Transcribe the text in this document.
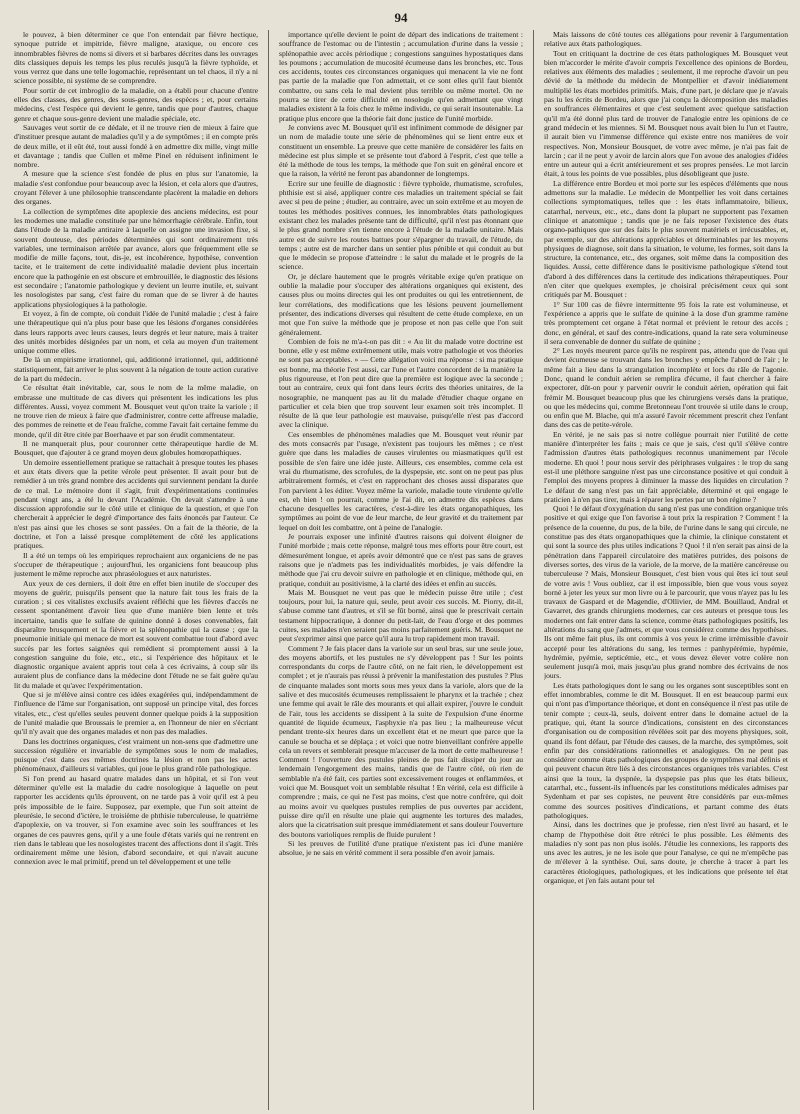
94

le pouvez, à bien déterminer ce que l'on entendait par fièvre hectique, synoque putride et impitride, fièvre maligne, ataxique, ou encore ces innombrables fièvres de noms si divers et si barbares décrites dans les ouvrages dits classiques depuis les temps les plus reculés jusqu'à la fièvre typhoïde, et vous verrez que dans une telle logomachie, représentant un tel chaos, il n'y a ni science possible, ni système de se comprendre.

Pour sortir de cet imbroglio de la maladie, on a établi pour chacune d'entre elles des classes, des genres, des sous-genres, des espèces ; et, pour certains médecins, c'est l'espèce qui devient le genre, tandis que pour d'autres, chaque genre et chaque sous-genre devient une maladie spéciale, etc.

Sauvages veut sortir de ce dédale, et il ne trouve rien de mieux à faire que d'instituer presque autant de maladies qu'il y a de symptômes ; il en compte près de deux mille, et il eût été, tout aussi fondé à en admettre dix mille, vingt mille et davantage ; tandis que Cullen et même Pinel en réduisent infiniment le nombre.

A mesure que la science s'est fondée de plus en plus sur l'anatomie, la maladie s'est confondue pour beaucoup avec la lésion, et cela alors que d'autres, croyant l'élever à une philosophie transcendante placèrent la maladie en dehors des organes.

La collection de symptômes dite apoplexie des anciens médecins, est pour les modernes une maladie constituée par une hémorrhagie cérébrale. Enfin, tout dans l'étude de la maladie antiraire à laquelle on assigne une invasion fixe, si souvent douteuse, des périodes déterminées qui sont ordinairement très variables, une terminaison arrêtée par avance, alors que fréquemment elle se modifie de mille façons, tout, dis-je, est incohérence, hypothèse, convention tacite, et le traitement de cette individualité maladie devient plus incertain encore que la pathogénie en est obscure et embrouillée, le diagnostic des lésions est secondaire ; l'anatomie pathologique y devient un leurre inutile, et, suivant les nosologistes par sang, c'est faire du roman que de se livrer à de hautes applications physiologiques à la pathologie.

Et voyez, à fin de compte, où conduit l'idée de l'unité maladie ; c'est à faire une thérapeutique qui n'a plus pour base que les lésions d'organes considérées dans leurs rapports avec leurs causes, leurs degrés et leur nature, mais à traiter des unités morbides désignées par un nom, et cela au moyen d'un traitement unique comme elles.

De là un empirisme irrationnel, qui, additionné irrationnel, qui, additionné statistiquement, fait arriver le plus souvent à la négation de toute action curative de la part du médecin.

Ce résultat était inévitable, car, sous le nom de la même maladie, on embrasse une multitude de cas divers qui présentent les indications les plus différentes. Aussi, voyez comment M. Bousquet veut qu'on traite la variole ; il ne trouve rien de mieux à faire que d'administrer, contre cette affreuse maladie, des pommes de reinette et de l'eau fraîche, comme l'avait fait certaine femme du monde, qu'il dit être citée par Boerhaave et par son érudit commentateur.

Il ne manquerait plus, pour couronner cette thérapeutique hardie de M. Bousquet, que d'ajouter à ce grand moyen deux globules homœopathiques.

Un demoire essentiellement pratique se rattachait à presque toutes les phases et aux états divers que la petite vérole peut présenter. Il avait pour but de remédier à un très grand nombre des accidents qui surviennent pendant la durée de ce mal. Le mémoire dont il s'agit, fruit d'expérimentations continuées pendant vingt ans, a été lu devant l'Académie. On devait s'attendre à une discussion approfondie sur le côté utile et clinique de la question, et que l'on chercherait à apprécier le degré d'importance des faits énoncés par l'auteur. Ce n'est pas ainsi que les choses se sont passées. On a fait de la théorie, de la doctrine, et l'on a laissé presque complètement de côté les applications pratiques.

Il a été un temps où les empiriques reprochaient aux organiciens de ne pas s'occuper de thérapeutique ; aujourd'hui, les organiciens font beaucoup plus justement le même reproche aux phraséologues et aux naturistes.

Aux yeux de ces derniers, il doit être en effet bien inutile de s'occuper des moyens de guérir, puisqu'ils pensent que la nature fait tous les frais de la curation ; si ces vitalistes exclusifs avaient réfléchi que les fièvres d'accès ne cessent spontanément d'avoir lieu que d'une manière bien lente et très incertaine, tandis que le sulfate de quinine donné à doses convenables, fait disparaître brusquement et la fièvre et la splénopathie qui la cause ; que la pneumonie initiale qui menace de mort est souvent combattue tout d'abord avec succès par les fortes saignées qui remédient si promptement aussi à la congestion sanguine du foie, etc., etc., si l'expérience des hôpitaux et le diagnostic organique avaient appris tout cela à ces écrivains, à coup sûr ils auraient plus de confiance dans la médecine dont l'étude ne se fait guère qu'au lit du malade et qu'avec l'expérimentation.

Que si je m'élève ainsi contre ces idées exagérées qui, indépendamment de l'influence de l'âme sur l'organisation, ont supposé un principe vital, des forces vitales, etc., c'est qu'elles seules peuvent donner quelque poids à la supposition de l'unité maladie que Broussais le premier a, en l'honneur de nier en s'écriant qu'il n'y avait que des organes malades et non pas des maladies.

Dans les doctrines organiques, c'est vraiment un non-sens que d'admettre une succession régulière et invariable de symptômes sous le nom de maladies, puisque c'est dans ces mêmes doctrines la lésion et non pas les actes phénoménaux, d'ailleurs si variables, qui joue le plus grand rôle pathologique.

Si l'on prend au hasard quatre malades dans un hôpital, et si l'on veut déterminer qu'elle est la maladie du cadre nosologique à laquelle on peut rapporter les accidents qu'ils éprouvent, on ne tarde pas à voir qu'il est à peu près impossible de le faire. Supposez, par exemple, que l'un soit atteint de pleurésie, le second d'ictère, le troisième de phthisie tuberculeuse, le quatrième d'apoplexie, on va trouver, si l'on examine avec soin les souffrances et les organes de ces pauvres gens, qu'il y a une foule d'états variés qui ne rentrent en rien dans le tableau que les nosologistes tracent des affections dont il s'agit. Très ordinairement même une lésion, d'abord secondaire, et qui n'avait aucune connexion avec le mal primitif, prend un tel développement et une telle

importance qu'elle devient le point de départ des indications de traitement : souffrance de l'estomac ou de l'intestin ; accumulation d'urine dans la vessie ; splénopathie avec accès périodique ; congestions sanguines hypostatiques dans les poumons ; accumulation de mucosité écumeuse dans les bronches, etc. Tous ces accidents, toutes ces circonstances organiques qui menacent la vie ne font pas partie de la maladie que l'on admettait, et ce sont elles qu'il faut bientôt combattre, ou sans cela le mal devient plus terrible ou même mortel. On ne pourra se tirer de cette difficulté en nosologie qu'en admettant que vingt maladies existent à la fois chez le même individu, ce qui serait insoutenable. La pratique plus encore que la théorie fait donc justice de l'unité morbide.

Je conviens avec M. Bousquet qu'il est infiniment commode de désigner par un nom de maladie toute une série de phénomènes qui se lient entre eux et constituent un ensemble. La preuve que cette manière de considérer les faits en médecine est plus simple et se présente tout d'abord à l'esprit, c'est que telle a été la méthode de tous les temps, la méthode que l'on suit en général encore et que la raison, la vérité ne feront pas abandonner de longtemps.

Ecrire sur une feuille de diagnostic : fièvre typhoïde, rhumatisme, scrofules, phthisie est si aisé, appliquer contre ces maladies un traitement spécial se fait avec si peu de peine ; étudier, au contraire, avec un soin extrême et au moyen de toutes les méthodes positives connues, les innombrables états pathologiques existant chez les malades présente tant de difficulté, qu'il n'est pas étonnant que le plus grand nombre s'en tienne encore à l'étude de la maladie unitaire. Mais autre est de suivre les routes battues pour s'épargner du travail, de l'étude, du temps ; autre est de marcher dans un sentier plus pénible et qui conduit au but que le médecin se propose d'atteindre : le salut du malade et le progrès de la science.

Or, je déclare hautement que le progrès véritable exige qu'en pratique on oublie la maladie pour s'occuper des altérations organiques qui existent, des causes plus ou moins directes qui les ont produites ou qui les entretiennent, de leur corrélations, des modifications que les lésions peuvent journellement présenter, des indications diverses qui résultent de cette étude complexe, en un mot que l'on suive la méthode que je propose et non pas celle que l'on suit généralement.

Combien de fois ne m'a-t-on pas dit : « Au lit du malade votre doctrine est bonne, elle y est même extrêmement utile, mais votre pathologie et vos théories ne sont pas acceptables. » — Cette allégation voici ma réponse : si ma pratique est bonne, ma théorie l'est aussi, car l'une et l'autre concordent de la manière la plus rigoureuse, et l'on peut dire que la première est logique avec la seconde ; tout au contraire, ceux qui font dans leurs écrits des théories unitaires, de la nosographie, ne manquent pas au lit du malade d'étudier chaque organe en particulier et cela bien que trop souvent leur examen soit très incomplet. Il résulte de là que leur pathologie est mauvaise, puisqu'elle n'est pas d'accord avec la clinique.

Ces ensembles de phénomènes maladies que M. Bousquet veut réunir par des mots consacrés par l'usage, n'existent pas toujours les mêmes ; ce n'est guère que dans les maladies de causes virulentes ou miasmatiques qu'il est possible de s'en faire une idée juste. Ailleurs, ces ensembles, comme cela est vrai du rhumatisme, des scrofules, de la dyspepsie, etc. sont on ne peut pas plus arbitrairement formés, et c'est en rapprochant des choses aussi disparates que l'on parvient à les éditer. Voyez même la variole, maladie toute virulente qu'elle est, eh bien ! on pourrait, comme je l'ai dit, en admettre dix espèces dans chacune desquelles les caractères, c'est-à-dire les états organopathiques, les symptômes au point de vue de leur marche, de leur gravité et du traitement par lequel on doit les combattre, ont à peine de l'analogie.

Je pourrais exposer une infinité d'autres raisons qui doivent éloigner de l'unité morbide ; mais cette réponse, malgré tous mes efforts pour être court, est démesurément longue, et après avoir démontré que ce n'est pas sans de graves raisons que je n'admets pas les individualités morbides, je vais défendre la méthode que j'ai cru devoir suivre en pathologie et en clinique, méthode qui, en pratique, conduit au positivisme, à la clarté des idées et enfin au succès.

Mais M. Bousquet ne veut pas que le médecin puisse être utile ; c'est toujours, pour lui, la nature qui, seule, peut avoir ces succès. M. Piorry, dit-il, s'abuse comme tant d'autres, et s'il se fût borné, ainsi que le prescrivait certain testament hippocratique, à donner du petit-lait, de l'eau d'orge et des pommes cuites, ses malades n'en seraient pas moins parfaitement guéris. M. Bousquet ne peut s'exprimer ainsi que parce qu'il aura lu trop rapidement mon travail.

Comment ? Je fais placer dans la variole sur un seul bras, sur une seule joue, des moyens abortifs, et les pustules ne s'y développent pas ! Sur les points correspondants du corps de l'autre côté, on ne fait rien, le développement est complet ; et je n'aurais pas réussi à prévenir la manifestation des pustules ? Plus de cinquante malades sont morts sous mes yeux dans la variole, alors que de la salive et des mucosités écumeuses remplissaient le pharynx et la trachée ; chez une femme qui avait le râle des mourants et qui allait expirer, j'ouvre le conduit de l'air, tous les accidents se dissipent à la suite de l'expulsion d'une énorme quantité de liquide écumeux, l'asphyxie n'a pas lieu ; la malheureuse vécut pendant trente-six heures dans un excellent état et ne meurt que parce que la canule se boucha et se déplaça ; et voici que notre bienveillant confrère appelle cela un revers et semblerait presque m'accuser de la mort de cette malheureuse ! Comment ! l'ouverture des pustules pleines de pus fait dissiper du jour au lendemain l'engorgement des mains, tandis que de l'autre côté, où rien de semblable n'a été fait, ces parties sont excessivement rouges et enflammées, et voici que M. Bousquet voit un semblable résultat ! En vérité, cela est difficile à comprendre ; mais, ce qui ne l'est pas moins, c'est que notre confrère, qui doit au moins avoir vu quelques pustules remplies de pus ouvertes par accident, puisse dire qu'il en résulte une plaie qui augmente les tortures des malades, alors que la cicatrisation suit presque immédiatement et sans douleur l'ouverture des boutons varioliques remplis de fluide purulent !

Si les preuves de l'utilité d'une pratique n'existent pas ici d'une manière absolue, je ne sais en vérité comment il sera possible d'en avoir jamais.

Mais laissons de côté toutes ces allégations pour revenir à l'argumentation relative aux états pathologiques.

Tout en critiquant la doctrine de ces états pathologiques M. Bousquet veut bien m'accorder le mérite d'avoir compris l'excellence des opinions de Bordeu, relatives aux éléments des maladies ; seulement, il me reproche d'avoir un peu dévié de la méthode du médecin de Montpellier et d'avoir inédiatement multiplié les états morbides primitifs. Mais, d'une part, je déclare que je n'avais pas lu les écrits de Bordeu, alors que j'ai conçu la décomposition des maladies en souffrances élémentaires et que c'est seulement avec quelque satisfaction qu'il m'a été donné plus tard de trouver de l'analogie entre les opinions de ce grand médecin et les miennes. Si M. Bousquet nous avait bien lu l'un et l'autre, il aurait bien vu l'immense différence qui existe entre nos manières de voir respectives. Non, Monsieur Bousquet, de votre avec même, je n'ai pas fait de larcin ; car il ne peut y avoir de larcin alors que l'on avoue des analogies d'idées entre un auteur qui a écrit antérieurement et ses propres pensées. Le mot larcin était, à tous les points de vue possibles, plus désobligeant que juste.

La différence entre Bordeu et moi porte sur les espèces d'éléments que nous admettons sur la maladie. Le médecin de Montpellier les voit dans certaines collections symptomatiques, telles que : les états inflammatoire, bilieux, catarrhal, nerveux, etc., etc., dans dont la plupart ne supportent pas l'examen clinique et anatomique ; tandis que je ne fais reposer l'existence des états organo-pathiques que sur des faits le plus souvent matériels et irrécusables, et, par exemple, sur des altérations appréciables et déterminables par les moyens physiques de diagnose, soit dans la situation, le volume, les formes, soit dans la structure, la contenance, etc., des organes, soit même dans la composition des liquides. Aussi, cette différence dans le positivisme pathologique s'étend tout d'abord à des différences dans la certitude des indications thérapeutiques. Pour n'en citer que quelques exemples, je choisiral précisément ceux qui sont critiqués par M. Bousquet :

1° Sur 100 cas de fièvre intermittente 95 fois la rate est volumineuse, et l'expérience a appris que le sulfate de quinine à la dose d'un gramme ramène très promptement cet organe à l'état normal et prévient le retour des accès ; donc, en général, et sauf des contre-indications, quand la rate sera volumineuse il sera convenable de donner du sulfate de quinine ;

2° Les noyés meurent parce qu'ils ne respirent pas, attendu que de l'eau qui devient écumeuse se trouvant dans les bronches y empêche l'abord de l'air ; le même fait a lieu dans la strangulation incomplète et lors du râle de l'agonie. Donc, quand le conduit aérien se remplira d'écume, il faut chercher à faire expectorer, dût-on pour y parvenir ouvrir le conduit aérien, opération qui fait frémir M. Bousquet beaucoup plus que les chirurgiens versés dans la pratique, ou que les médecins qui, comme Bretonneau l'ont trouvée si utile dans le croup, ou enfin que M. Blache, qui m'a assuré l'avoir récemment prescrit chez l'enfant dans des cas de petite-vérole.

En vérité, je ne sais pas si notre collègue pourrait nier l'utilité de cette manière d'interpréter les faits ; mais ce que je sais, c'est qu'il s'élève contre l'admission d'autres états pathologiques reconnus unanimement par l'école moderne. Eh quoi ! pour nous servir des périphrases vulgaires : le trop du sang est-il une pléthore sanguine n'est pas une circonstance positive et qui conduit à l'emploi des moyens propres à diminuer la masse des liquides en circulation ? Le défaut de sang n'est pas un fait appréciable, déterminé et qui engage le praticien à n'en pas tirer, mais à réparer les pertes par un bon régime ?

Quoi ! le défaut d'oxygénation du sang n'est pas une condition organique très positive et qui exige que l'on favorise à tout prix la respiration ? Comment ! la présence de la couenne, du pus, de la bile, de l'urine dans le sang qui circule, ne constitue pas des états organopathiques que la chimie, la clinique constatent et qui sont la source des plus utiles indications ? Quoi ! il n'en serait pas ainsi de la pénétration dans l'appareil circulatoire des matières putrides, des poisons de diverses sortes, des virus de la variole, de la morve, de la matière cancéreuse ou tuberculeuse ? Mais, Monsieur Bousquet, c'est bien vous qui êtes ici tout seul de votre avis ! Vous oubliez, car il est impossible, bien que vous vous soyez borné à jeter les yeux sur mon livre ou à le parcourir, que vous n'ayez pas lu les travaux de Gaspard et de Magendie, d'Ollivier, de MM. Bouillaud, Andral et Gavarret, des grands chirurgiens modernes, car ces auteurs et presque tous les modernes ont fait entrer dans la science, comme états pathologiques positifs, les altérations du sang que j'admets, et que vous considérez comme des hypothèses. Ils ont même fait plus, ils ont commis à vos yeux le crime irrémissible d'avoir accepté pour les altérations du sang, les termes : panhypérémie, hypémie, hydrémie, pyémie, septicémie, etc., et vous devez élever votre colère non seulement jusqu'à moi, mais jusqu'au plus grand nombre des écrivains de nos jours.

Les états pathologiques dont le sang ou les organes sont susceptibles sont en effet innombrables, comme le dit M. Bousquet. Il en est beaucoup parmi eux qui n'ont pas d'importance théorique, et dont en conséquence il n'est pas utile de tenir compte ; ceux-là, seuls, doivent entrer dans le domaine actuel de la pratique, qui, étant la source d'indications, consistent en des circonstances d'organisation ou de composition révélées soit par des moyens physiques, soit, quand ils font défaut, par l'étude des causes, de la marche, des symptômes, soit enfin par des considérations rationnelles et analogiques. On ne peut pas considérer comme états pathologiques des groupes de symptômes mal définis et qui peuvent chacun être liés à des circonstances organiques très variables. C'est ainsi que la toux, la dyspnée, la dyspepsie pas plus que les états bilieux, catarrhal, etc., fussent-ils influencés par les constitutions médicales admises par Sydenham et par ses copistes, ne peuvent être considérés par eux-mêmes comme des sources positives d'indications, et partant comme des états pathologiques.

Ainsi, dans les doctrines que je professe, rien n'est livré au hasard, et le champ de l'hypothèse doit être rétréci le plus possible. Les éléments des maladies n'y sont pas non plus isolés. J'étudie les connexions, les rapports des uns avec les autres, je ne les isole que pour l'analyse, ce qui ne m'empêche pas de m'élever à la synthèse. Oui, sans doute, je cherche à tracer à part les caractères étiologiques, pathologiques, et les indications que présente tel état organique, et j'en fais autant pour tel
